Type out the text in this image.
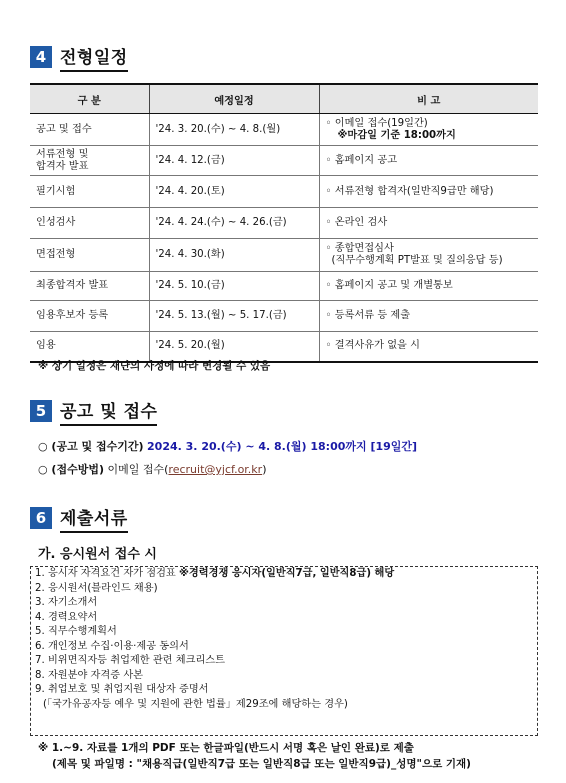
4 전형일정
구 분	예정일정	비 고
공고 및 접수	'24. 3. 20.(수) ~ 4. 8.(월)	◦ 이메일 접수(19일간)
※마감일 기준 18:00까지

서류전형 및
합격자 발표	'24. 4. 12.(금)	◦ 홈페이지 공고
필기시험	'24. 4. 20.(토)	◦ 서류전형 합격자(일반직9급만 해당)
인성검사	'24. 4. 24.(수) ~ 4. 26.(금)	◦ 온라인 검사
면접전형	'24. 4. 30.(화)	◦ 종합면접심사
(직무수행계획 PT발표 및 질의응답 등)

최종합격자 발표	'24. 5. 10.(금)	◦ 홈페이지 공고 및 개별통보
임용후보자 등록	'24. 5. 13.(월) ~ 5. 17.(금)	◦ 등록서류 등 제출
임용	'24. 5. 20.(월)	◦ 결격사유가 없을 시
※ 상기 일정은 재단의 사정에 따라 변경될 수 있음
5 공고 및 접수
○ (공고 및 접수기간) 2024. 3. 20.(수) ~ 4. 8.(월) 18:00까지 [19일간]
○ (접수방법) 이메일 접수(recruit@yjcf.or.kr)
6 제출서류
가. 응시원서 접수 시
1. 응시자 자격요건 자가 점검표 ※경력경쟁 응시자(일반직7급, 일반직8급) 해당
2. 응시원서(블라인드 채용)
3. 자기소개서
4. 경력요약서
5. 직무수행계획서
6. 개인정보 수집·이용·제공 동의서
7. 비위면직자등 취업제한 관련 체크리스트
8. 자원분야 자격증 사본
9. 취업보호 및 취업지원 대상자 증명서
(「국가유공자등 예우 및 지원에 관한 법률」제29조에 해당하는 경우)
※ 1.~9. 자료를 1개의 PDF 또는 한글파일(반드시 서명 혹은 날인 완료)로 제출
(제목 및 파일명 : "채용직급(일반직7급 또는 일반직8급 또는 일반직9급)_성명"으로 기재)
